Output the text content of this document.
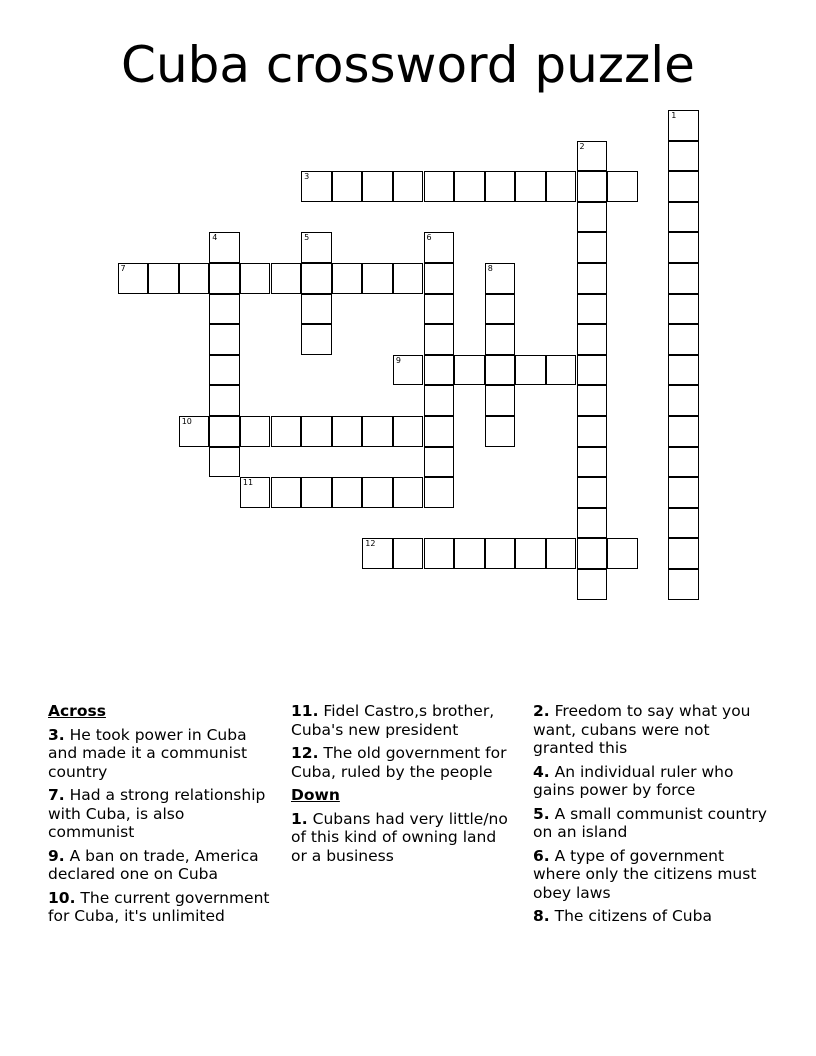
Cuba crossword puzzle
1
2
3
4	5	6
7	8
9
10
11
12
Across
3. He took power in Cuba and made it a communist country
7. Had a strong relationship with Cuba, is also communist
9. A ban on trade, America declared one on Cuba
10. The current government for Cuba, it's unlimited
11. Fidel Castro,s brother, Cuba's new president
12. The old government for Cuba, ruled by the people
Down
1. Cubans had very little/no of this kind of owning land or a business
2. Freedom to say what you want, cubans were not granted this
4. An individual ruler who gains power by force
5. A small communist country on an island
6. A type of government where only the citizens must obey laws
8. The citizens of Cuba
